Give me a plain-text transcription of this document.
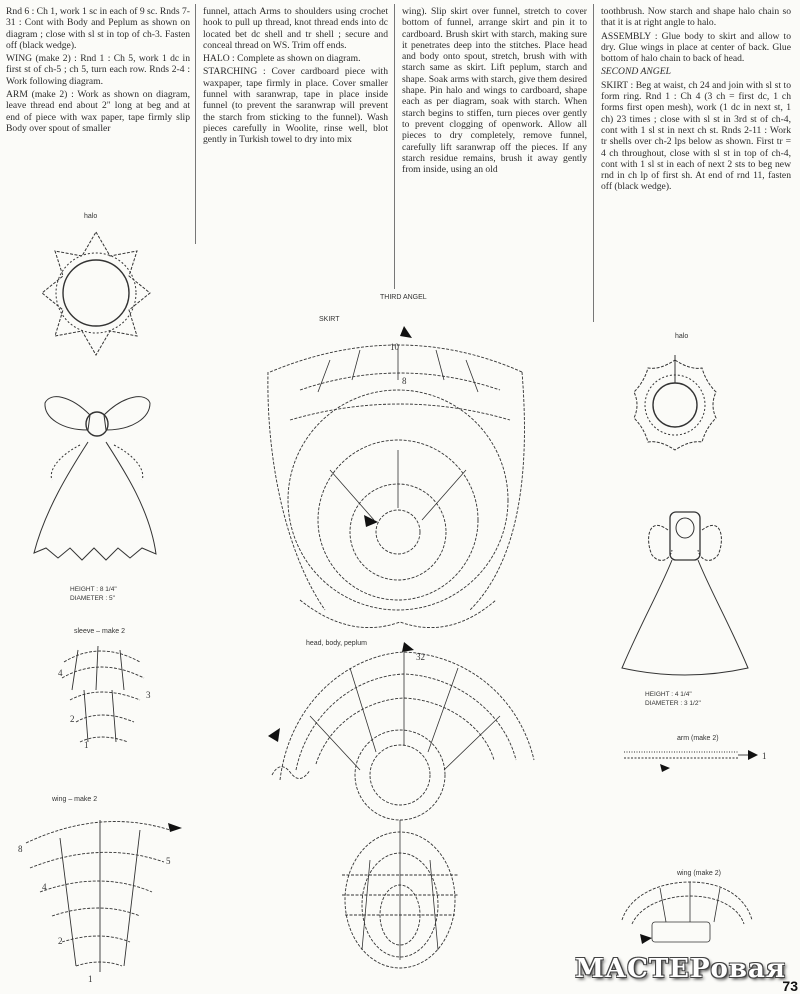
Rnd 6 : Ch 1, work 1 sc in each of 9 sc. Rnds 7-31 : Cont with Body and Peplum as shown on diagram ; close with sl st in top of ch-3. Fasten off (black wedge).

WING (make 2) : Rnd 1 : Ch 5, work 1 dc in first st of ch-5 ; ch 5, turn each row. Rnds 2-4 : Work following diagram.

ARM (make 2) : Work as shown on diagram, leave thread end about 2" long at beg and at end of piece with wax paper, tape firmly slip Body over spout of smaller

funnel, attach Arms to shoulders using crochet hook to pull up thread, knot thread ends into dc located bet dc shell and tr shell ; secure and conceal thread on WS. Trim off ends.

HALO : Complete as shown on diagram.

STARCHING : Cover cardboard piece with waxpaper, tape firmly in place. Cover smaller funnel with saranwrap, tape in place inside funnel (to prevent the saranwrap will prevent the starch from sticking to the funnel). Wash pieces carefully in Woolite, rinse well, blot gently in Turkish towel to dry into mix

wing). Slip skirt over funnel, stretch to cover bottom of funnel, arrange skirt and pin it to cardboard. Brush skirt with starch, making sure it penetrates deep into the stitches. Place head and body onto spout, stretch, brush with with starch same as skirt. Lift peplum, starch and shape. Soak arms with starch, give them desired shape. Pin halo and wings to cardboard, shape each as per diagram, soak with starch. When starch begins to stiffen, turn pieces over gently to prevent clogging of openwork. Allow all pieces to dry completely, remove funnel, carefully lift saranwrap off the pieces. If any starch residue remains, brush it away gently from inside, using an old

toothbrush. Now starch and shape halo chain so that it is at right angle to halo.

ASSEMBLY : Glue body to skirt and allow to dry. Glue wings in place at center of back. Glue bottom of halo chain to back of head.

SECOND ANGEL

SKIRT : Beg at waist, ch 24 and join with sl st to form ring. Rnd 1 : Ch 4 (3 ch = first dc, 1 ch forms first open mesh), work (1 dc in next st, 1 ch) 23 times ; close with sl st in 3rd st of ch-4, cont with 1 sl st in next ch st. Rnds 2-11 : Work tr shells over ch-2 lps below as shown. First tr = 4 ch throughout, close with sl st in top of ch-4, cont with 1 sl st in each of next 2 sts to beg new rnd in ch lp of first sh. At end of rnd 11, fasten off (black wedge).

halo
HEIGHT : 8 1/4"
DIAMETER : 5"
sleeve – make 2
wing – make 2
THIRD ANGEL
SKIRT
head, body, peplum
halo
HEIGHT : 4 1/4"
DIAMETER : 3 1/2"
arm (make 2)
wing (make 2)
4
3
2
1
8
5
4
2
1
10
8
32
1
МАСТЕРовая
73
